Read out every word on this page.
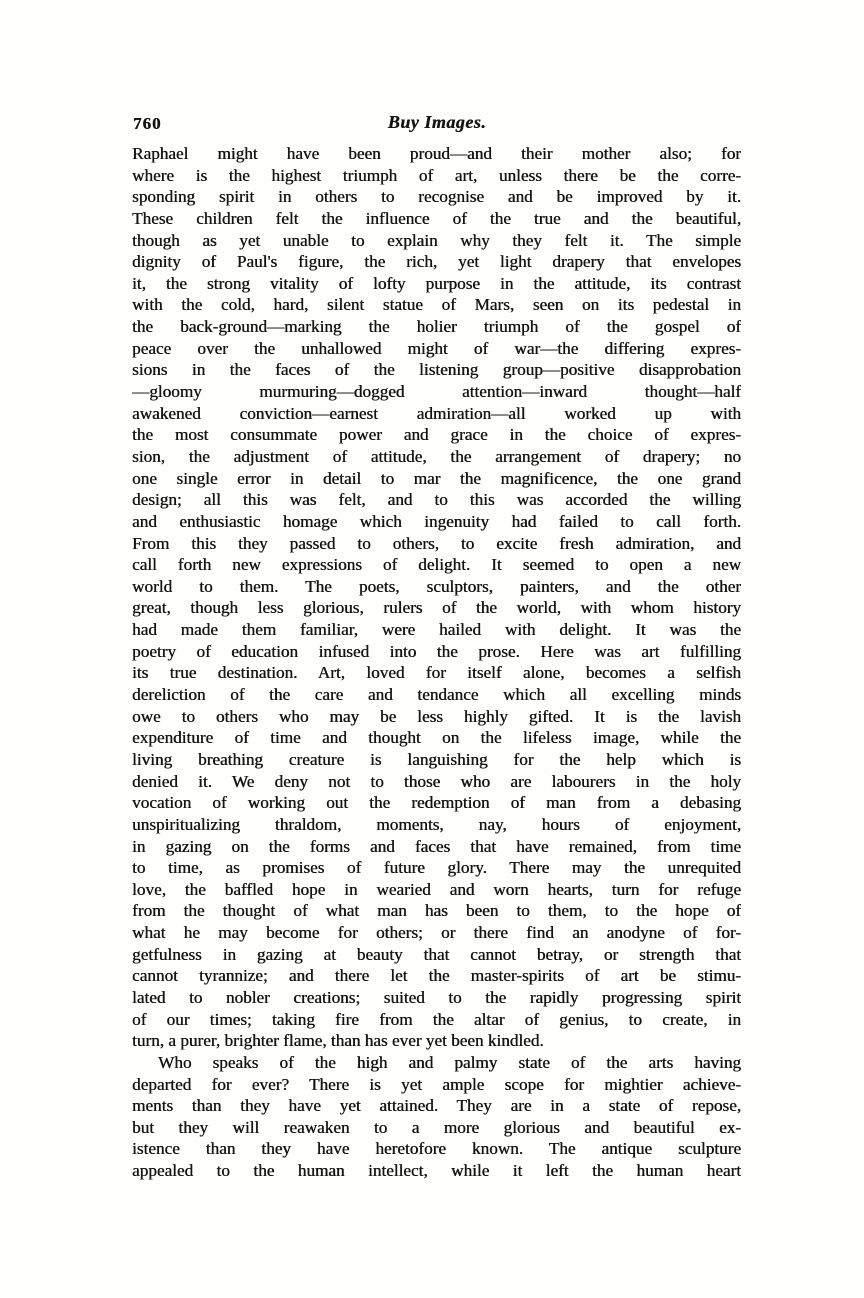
760	Buy Images.
Raphael might have been proud—and their mother also; for
where is the highest triumph of art, unless there be the corre-
sponding spirit in others to recognise and be improved by it.
These children felt the influence of the true and the beautiful,
though as yet unable to explain why they felt it. The simple
dignity of Paul's figure, the rich, yet light drapery that envelopes
it, the strong vitality of lofty purpose in the attitude, its contrast
with the cold, hard, silent statue of Mars, seen on its pedestal in
the back-ground—marking the holier triumph of the gospel of
peace over the unhallowed might of war—the differing expres-
sions in the faces of the listening group—positive disapprobation
—gloomy murmuring—dogged attention—inward thought—half
awakened conviction—earnest admiration—all worked up with
the most consummate power and grace in the choice of expres-
sion, the adjustment of attitude, the arrangement of drapery; no
one single error in detail to mar the magnificence, the one grand
design; all this was felt, and to this was accorded the willing
and enthusiastic homage which ingenuity had failed to call forth.
From this they passed to others, to excite fresh admiration, and
call forth new expressions of delight. It seemed to open a new
world to them. The poets, sculptors, painters, and the other
great, though less glorious, rulers of the world, with whom history
had made them familiar, were hailed with delight. It was the
poetry of education infused into the prose. Here was art fulfilling
its true destination. Art, loved for itself alone, becomes a selfish
dereliction of the care and tendance which all excelling minds
owe to others who may be less highly gifted. It is the lavish
expenditure of time and thought on the lifeless image, while the
living breathing creature is languishing for the help which is
denied it. We deny not to those who are labourers in the holy
vocation of working out the redemption of man from a debasing
unspiritualizing thraldom, moments, nay, hours of enjoyment,
in gazing on the forms and faces that have remained, from time
to time, as promises of future glory. There may the unrequited
love, the baffled hope in wearied and worn hearts, turn for refuge
from the thought of what man has been to them, to the hope of
what he may become for others; or there find an anodyne of for-
getfulness in gazing at beauty that cannot betray, or strength that
cannot tyrannize; and there let the master-spirits of art be stimu-
lated to nobler creations; suited to the rapidly progressing spirit
of our times; taking fire from the altar of genius, to create, in
turn, a purer, brighter flame, than has ever yet been kindled.
Who speaks of the high and palmy state of the arts having
departed for ever? There is yet ample scope for mightier achieve-
ments than they have yet attained. They are in a state of repose,
but they will reawaken to a more glorious and beautiful ex-
istence than they have heretofore known. The antique sculpture
appealed to the human intellect, while it left the human heart
